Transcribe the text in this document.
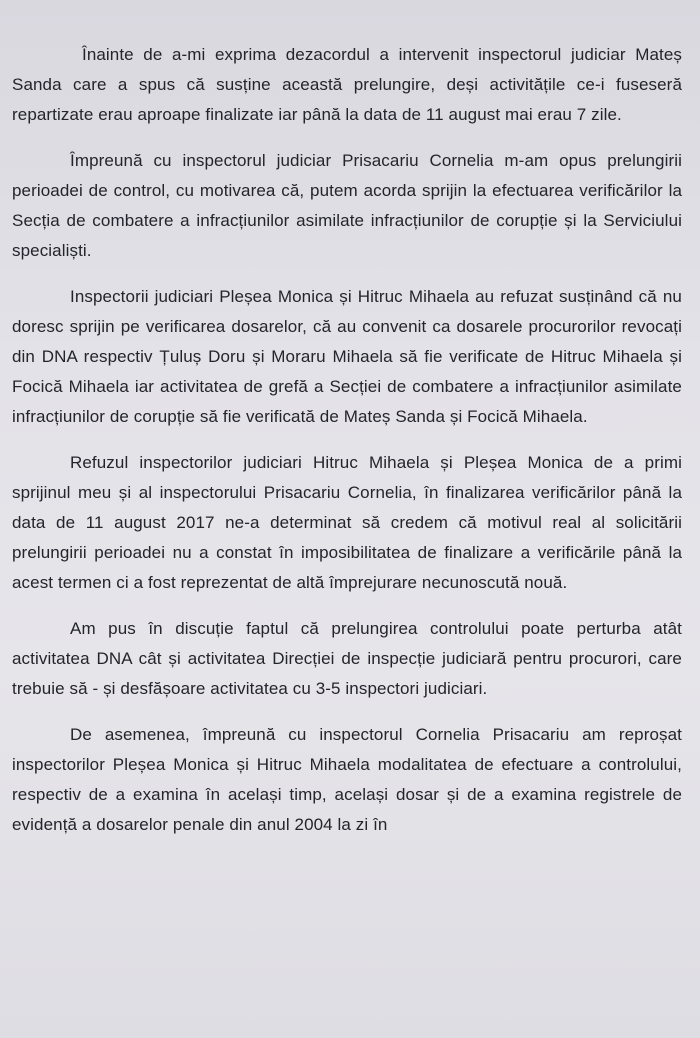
Înainte de a-mi exprima dezacordul a intervenit inspectorul judiciar Mateș Sanda care a spus că susține această prelungire, deși activitățile ce-i fuseseră repartizate erau aproape finalizate iar până la data de 11 august mai erau 7 zile.

Împreună cu inspectorul judiciar Prisacariu Cornelia m-am opus prelungirii perioadei de control, cu motivarea că, putem acorda sprijin la efectuarea verificărilor la Secția de combatere a infracțiunilor asimilate infracțiunilor de corupție și la Serviciului specialiști.

Inspectorii judiciari Pleșea Monica și Hitruc Mihaela au refuzat susținând că nu doresc sprijin pe verificarea dosarelor, că au convenit ca dosarele procurorilor revocați din DNA respectiv Țuluș Doru și Moraru Mihaela să fie verificate de Hitruc Mihaela și Focică Mihaela iar activitatea de grefă a Secției de combatere a infracțiunilor asimilate infracțiunilor de corupție să fie verificată de Mateș Sanda și Focică Mihaela.

Refuzul inspectorilor judiciari Hitruc Mihaela și Pleșea Monica de a primi sprijinul meu și al inspectorului Prisacariu Cornelia, în finalizarea verificărilor până la data de 11 august 2017 ne-a determinat să credem că motivul real al solicitării prelungirii perioadei nu a constat în imposibilitatea de finalizare a verificările până la acest termen ci a fost reprezentat de altă împrejurare necunoscută nouă.

Am pus în discuție faptul că prelungirea controlului poate perturba atât activitatea DNA cât și activitatea Direcției de inspecție judiciară pentru procurori, care trebuie să - și desfășoare activitatea cu 3-5 inspectori judiciari.

De asemenea, împreună cu inspectorul Cornelia Prisacariu am reproșat inspectorilor Pleșea Monica și Hitruc Mihaela modalitatea de efectuare a controlului, respectiv de a examina în același timp, același dosar și de a examina registrele de evidență a dosarelor penale din anul 2004 la zi în
